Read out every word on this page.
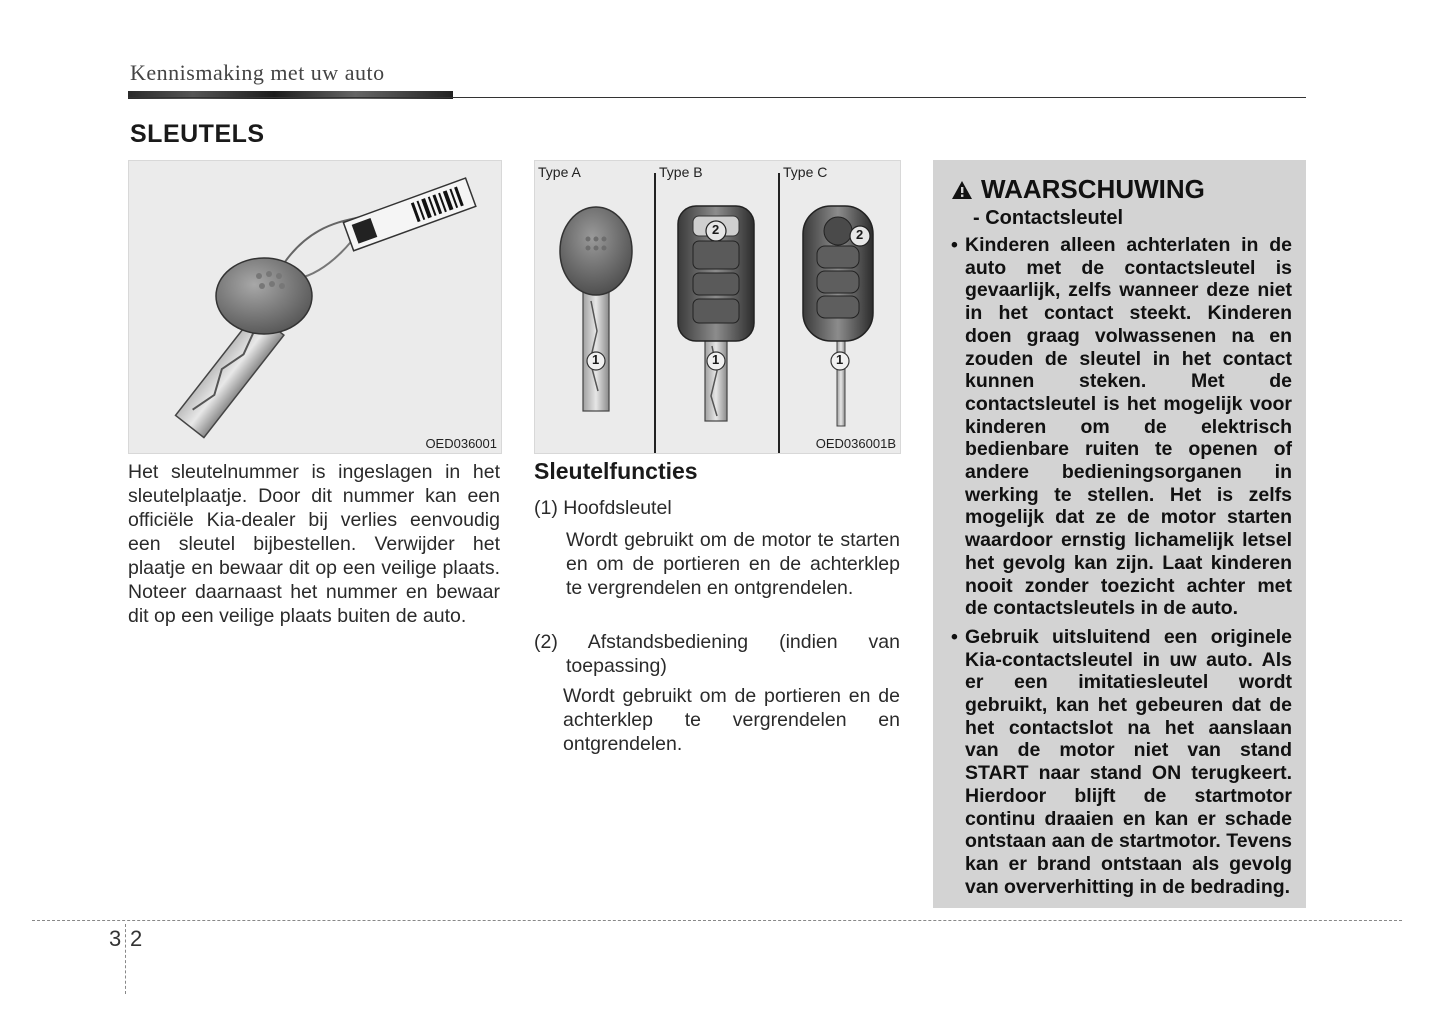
Kennismaking met uw auto
SLEUTELS
OED036001
Type A	Type B	Type C
1
2
1
2
1
OED036001B
Het sleutelnummer is ingeslagen in het sleutelplaatje. Door dit nummer kan een officiële Kia-dealer bij verlies eenvoudig een sleutel bijbestellen. Verwijder het plaatje en bewaar dit op een veilige plaats. Noteer daarnaast het nummer en bewaar dit op een veilige plaats buiten de auto.
Sleutelfuncties
(1) Hoofdsleutel
Wordt gebruikt om de motor te starten en om de portieren en de achterklep te vergrendelen en ontgrendelen.
(2) Afstandsbediening (indien van toepassing)
Wordt gebruikt om de portieren en de achterklep te vergrendelen en ontgrendelen.
WAARSCHUWING
- Contactsleutel
• Kinderen alleen achterlaten in de auto met de contactsleutel is gevaarlijk, zelfs wanneer deze niet in het contact steekt. Kinderen doen graag volwassenen na en zouden de sleutel in het contact kunnen steken. Met de contactsleutel is het mogelijk voor kinderen om de elektrisch bedienbare ruiten te openen of andere bedieningsorganen in werking te stellen. Het is zelfs mogelijk dat ze de motor starten waardoor ernstig lichamelijk letsel het gevolg kan zijn. Laat kinderen nooit zonder toezicht achter met de contactsleutels in de auto.
• Gebruik uitsluitend een originele Kia-contactsleutel in uw auto. Als er een imitatiesleutel wordt gebruikt, kan het gebeuren dat de het contactslot na het aanslaan van de motor niet van stand START naar stand ON terugkeert. Hierdoor blijft de startmotor continu draaien en kan er schade ontstaan aan de startmotor. Tevens kan er brand ontstaan als gevolg van oververhitting in de bedrading.
3 2
